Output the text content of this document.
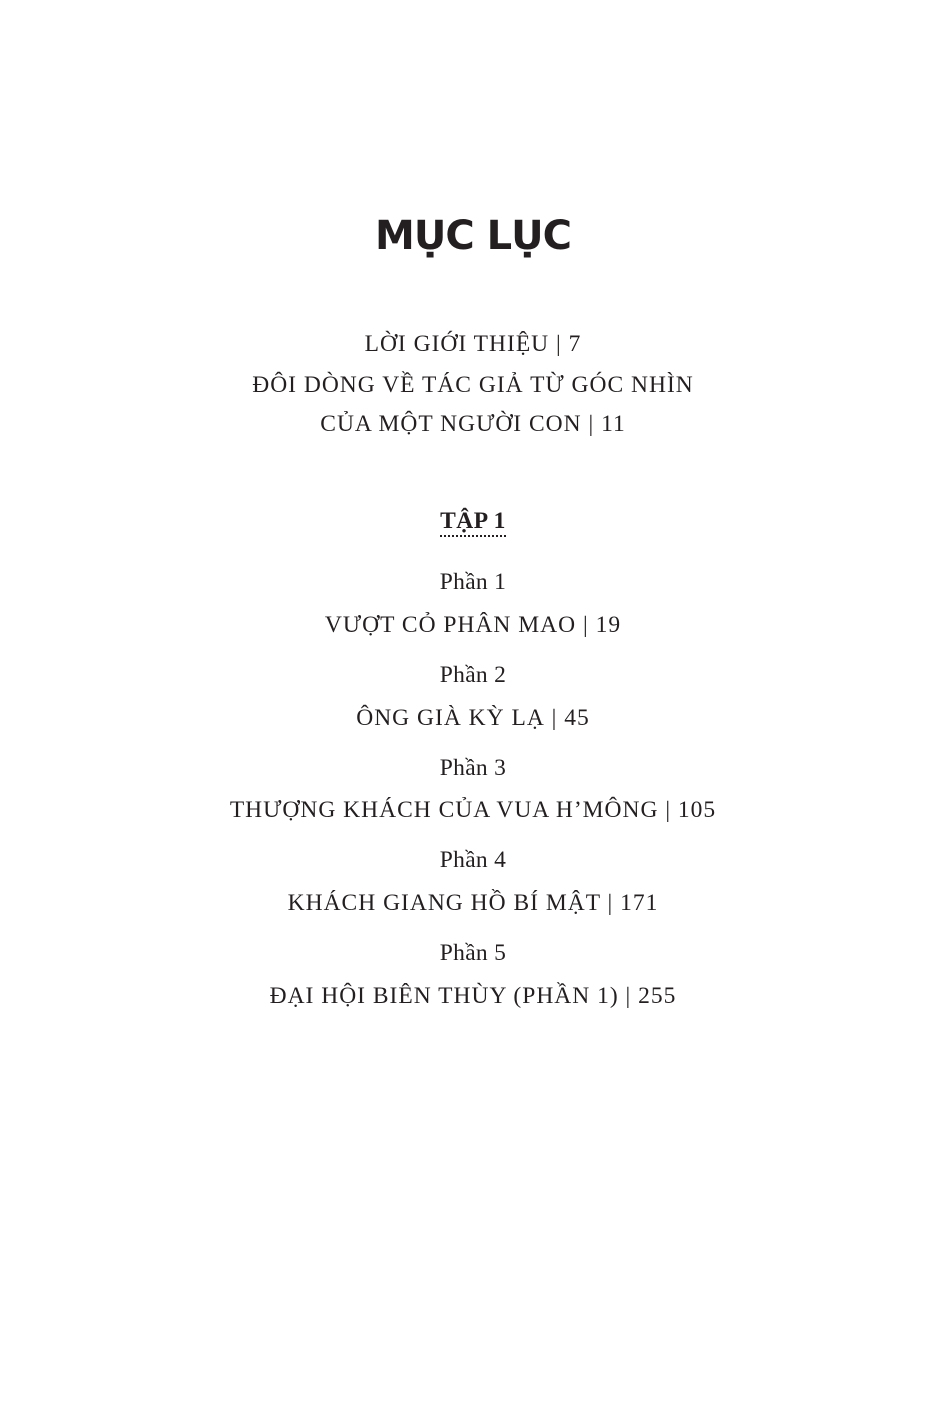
MỤC LỤC
LỜI GIỚI THIỆU | 7
ĐÔI DÒNG VỀ TÁC GIẢ TỪ GÓC NHÌN
CỦA MỘT NGƯỜI CON | 11
TẬP 1
Phần 1
VƯỢT CỎ PHÂN MAO | 19
Phần 2
ÔNG GIÀ KỲ LẠ | 45
Phần 3
THƯỢNG KHÁCH CỦA VUA H’MÔNG | 105
Phần 4
KHÁCH GIANG HỒ BÍ MẬT | 171
Phần 5
ĐẠI HỘI BIÊN THÙY (PHẦN 1) | 255
